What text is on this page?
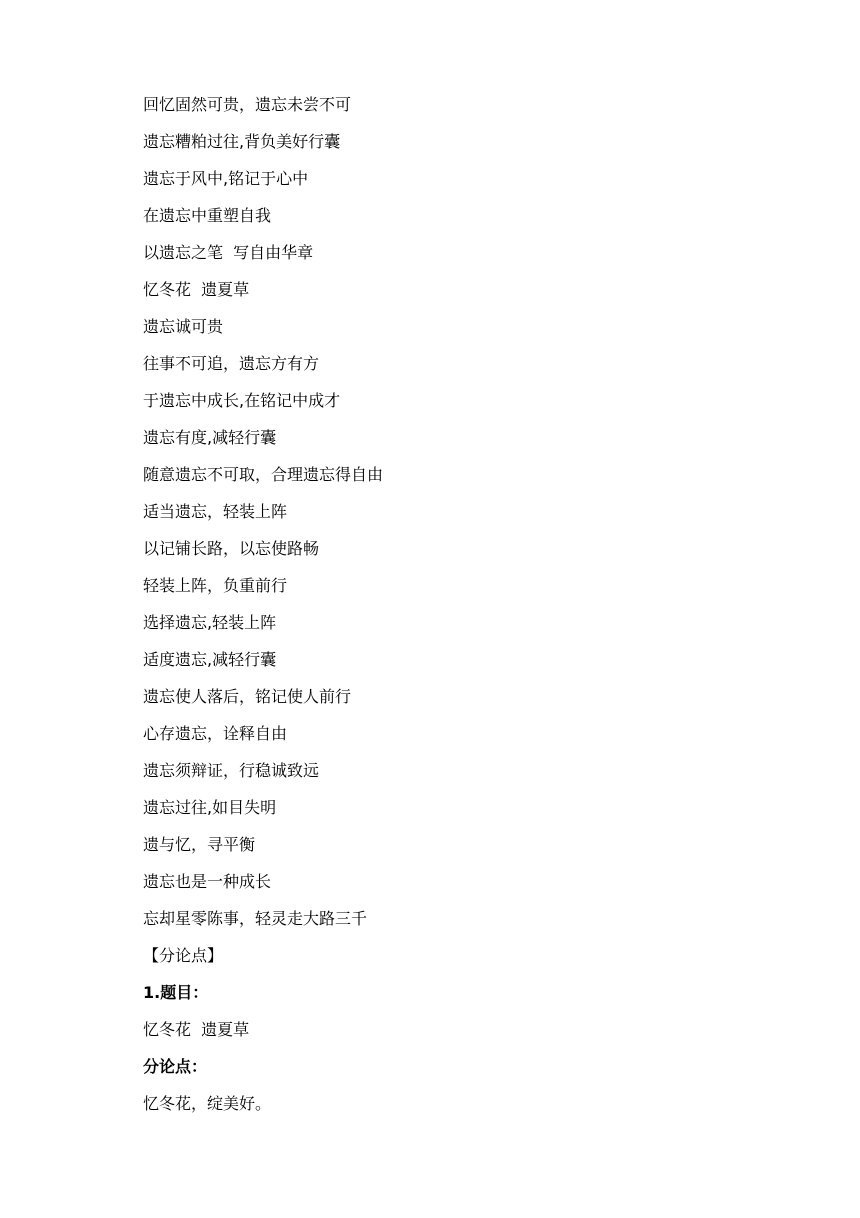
回忆固然可贵，遗忘未尝不可
遗忘糟粕过往,背负美好行囊
遗忘于风中,铭记于心中
在遗忘中重塑自我
以遗忘之笔  写自由华章
忆冬花  遗夏草
遗忘诚可贵
往事不可追，遗忘方有方
于遗忘中成长,在铭记中成才
遗忘有度,减轻行囊
随意遗忘不可取，合理遗忘得自由
适当遗忘，轻装上阵
以记铺长路，以忘使路畅
轻装上阵，负重前行
选择遗忘,轻装上阵
适度遗忘,减轻行囊
遗忘使人落后，铭记使人前行
心存遗忘，诠释自由
遗忘须辩证，行稳诚致远
遗忘过往,如目失明
遗与忆，寻平衡
遗忘也是一种成长
忘却星零陈事，轻灵走大路三千
【分论点】
1.题目：
忆冬花  遗夏草
分论点：
忆冬花，绽美好。
